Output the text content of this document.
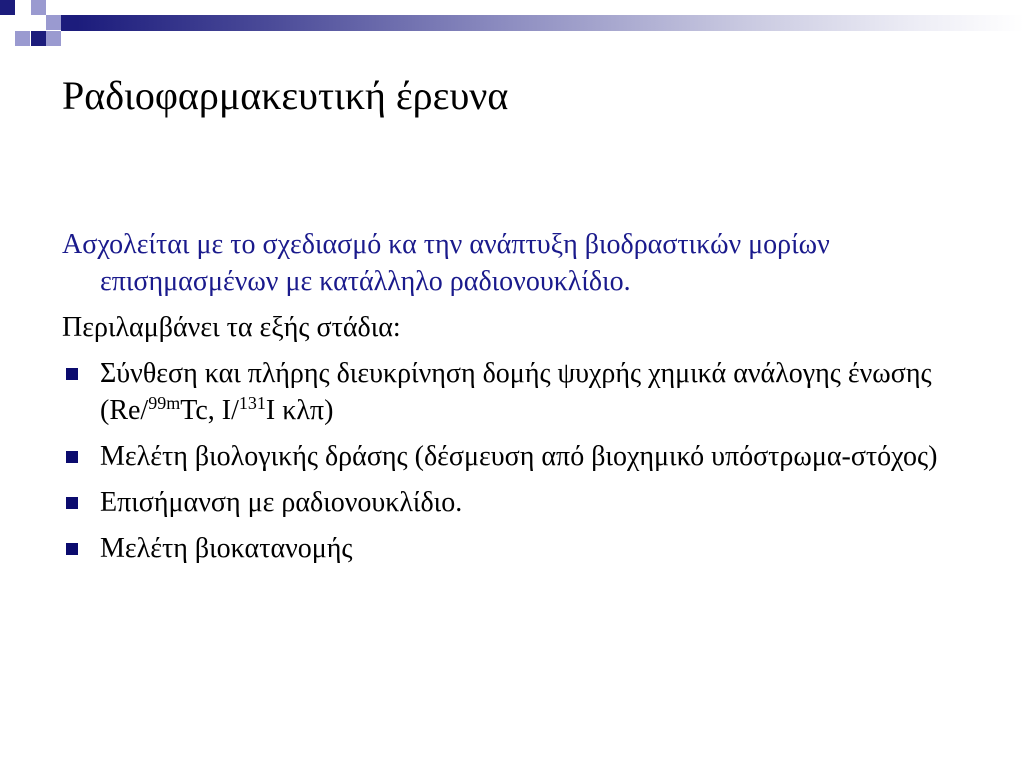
Ραδιοφαρμακευτική έρευνα

Ασχολείται με το σχεδιασμό κα την ανάπτυξη βιοδραστικών μορίων επισημασμένων με κατάλληλο ραδιονουκλίδιο.

Περιλαμβάνει τα εξής στάδια:

Σύνθεση και πλήρης διευκρίνηση δομής ψυχρής χημικά ανάλογης ένωσης (Re/$^{99m}$Tc, I/$^{131}$I κλπ)
Μελέτη βιολογικής δράσης (δέσμευση από βιοχημικό υπόστρωμα-στόχος)
Επισήμανση με ραδιονουκλίδιο.
Μελέτη βιοκατανομής
